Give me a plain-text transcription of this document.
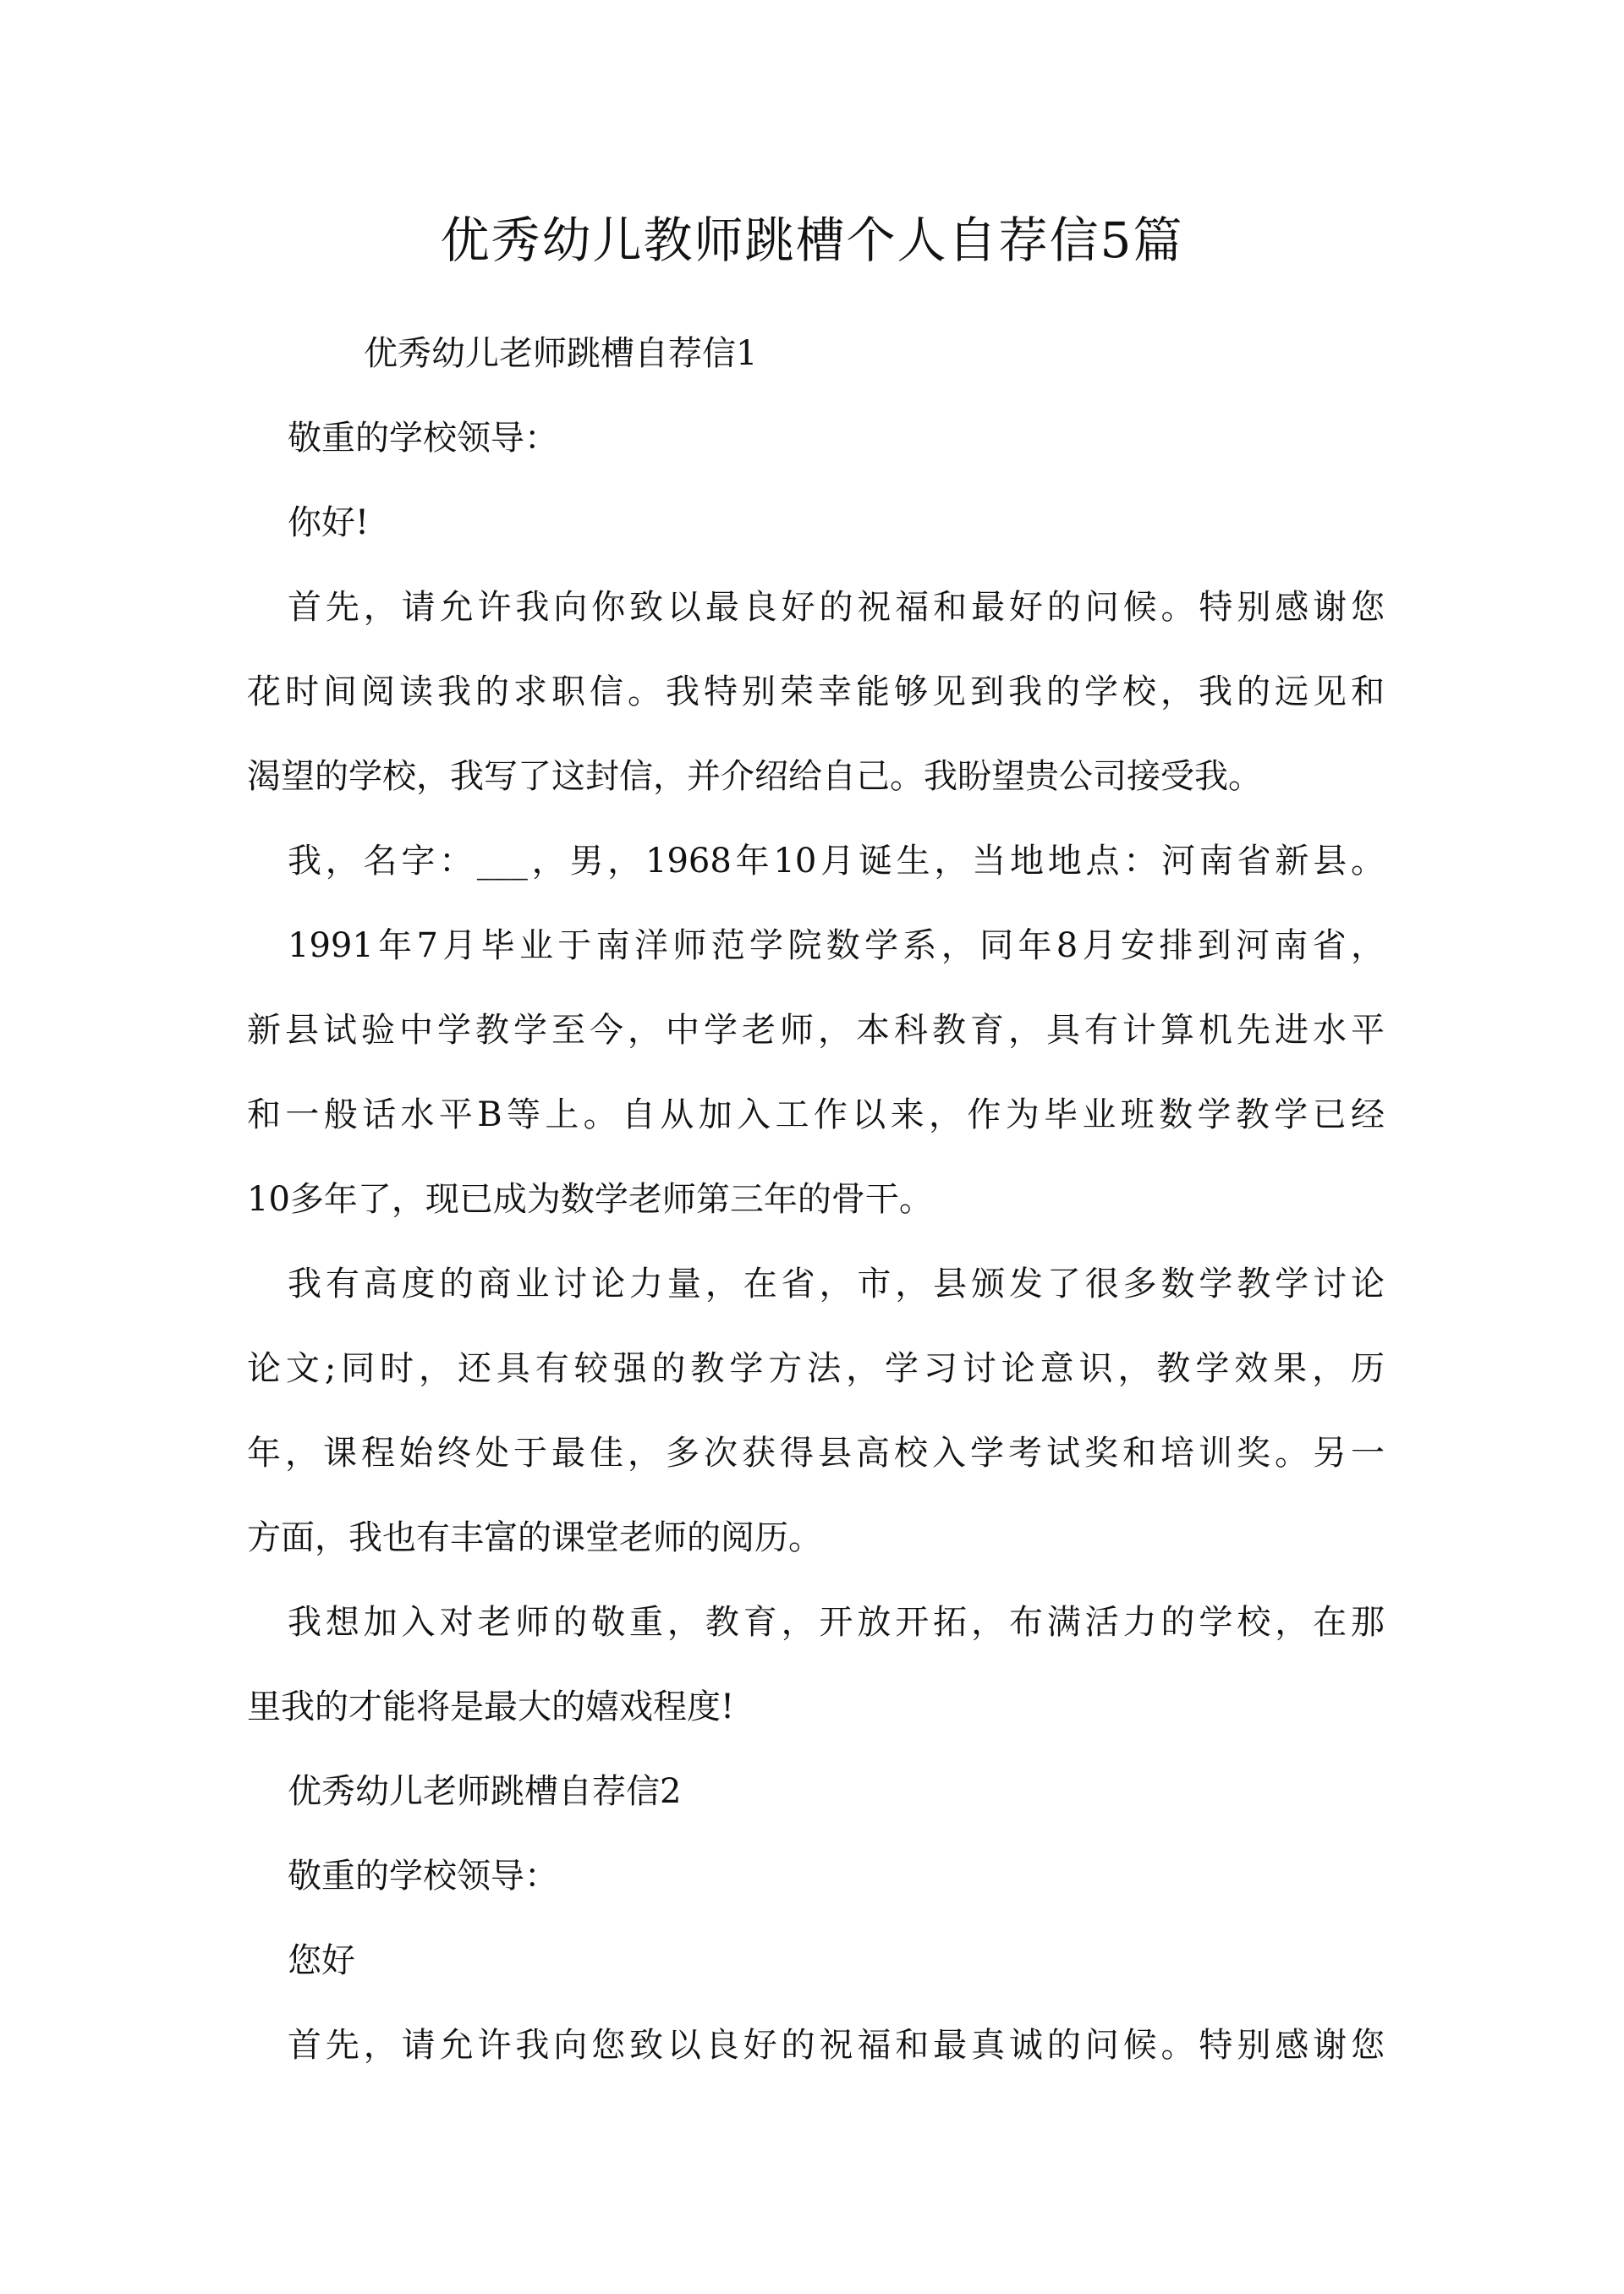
优秀幼儿教师跳槽个人自荐信5篇

优秀幼儿老师跳槽自荐信1

敬重的学校领导：

你好!

首先，请允许我向你致以最良好的祝福和最好的问候。特别感谢您

花时间阅读我的求职信。我特别荣幸能够见到我的学校，我的远见和

渴望的学校，我写了这封信，并介绍给自己。我盼望贵公司接受我。

我，名字：___，男，1968年10月诞生，当地地点：河南省新县。

1991年7月毕业于南洋师范学院数学系，同年8月安排到河南省，

新县试验中学教学至今，中学老师，本科教育，具有计算机先进水平

和一般话水平B等上。自从加入工作以来，作为毕业班数学教学已经

10多年了，现已成为数学老师第三年的骨干。

我有高度的商业讨论力量，在省，市，县颁发了很多数学教学讨论

论文;同时，还具有较强的教学方法，学习讨论意识，教学效果，历

年，课程始终处于最佳，多次获得县高校入学考试奖和培训奖。另一

方面，我也有丰富的课堂老师的阅历。

我想加入对老师的敬重，教育，开放开拓，布满活力的学校，在那

里我的才能将是最大的嬉戏程度!

优秀幼儿老师跳槽自荐信2

敬重的学校领导：

您好

首先，请允许我向您致以良好的祝福和最真诚的问候。特别感谢您
